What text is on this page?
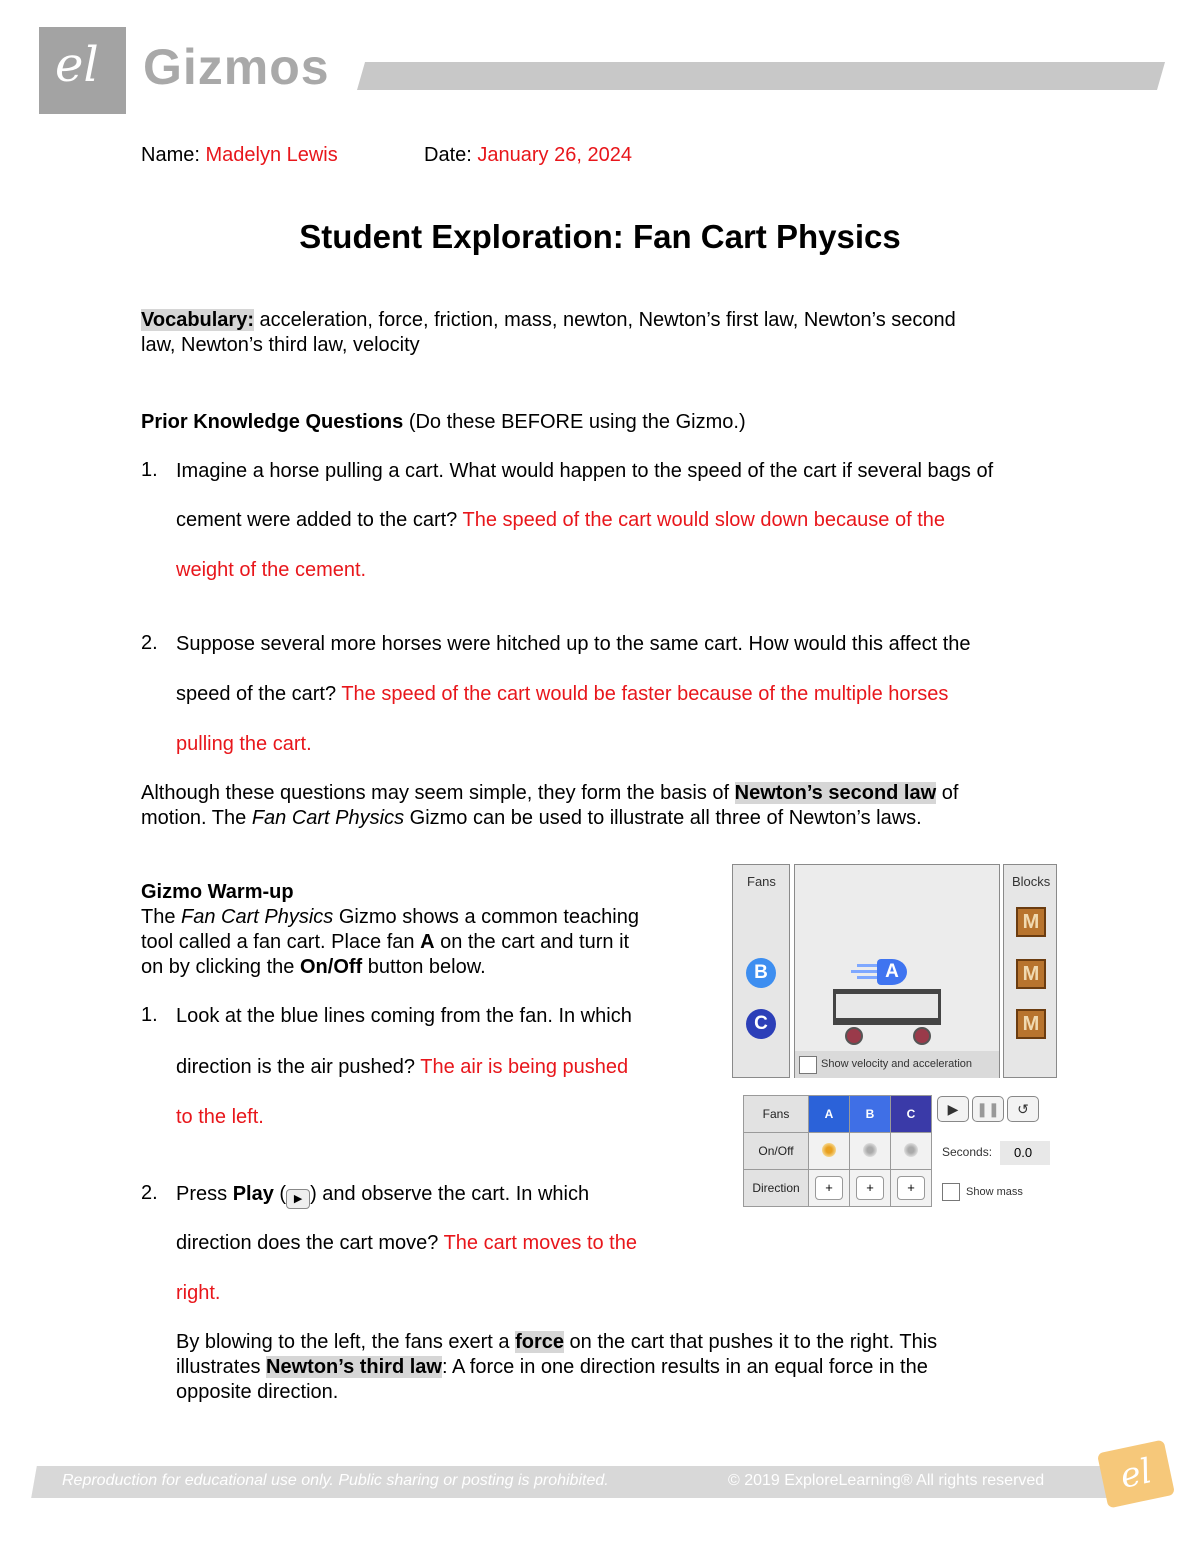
el Gizmos
Name: Madelyn Lewis	Date: January 26, 2024
Student Exploration: Fan Cart Physics
Vocabulary: acceleration, force, friction, mass, newton, Newton’s first law, Newton’s second
law, Newton’s third law, velocity
Prior Knowledge Questions (Do these BEFORE using the Gizmo.)
1. Imagine a horse pulling a cart. What would happen to the speed of the cart if several bags of
cement were added to the cart? The speed of the cart would slow down because of the
weight of the cement.
2. Suppose several more horses were hitched up to the same cart. How would this affect the
speed of the cart? The speed of the cart would be faster because of the multiple horses
pulling the cart.
Although these questions may seem simple, they form the basis of Newton’s second law of
motion. The Fan Cart Physics Gizmo can be used to illustrate all three of Newton’s laws.
Gizmo Warm-up
The Fan Cart Physics Gizmo shows a common teaching
tool called a fan cart. Place fan A on the cart and turn it
on by clicking the On/Off button below.
1. Look at the blue lines coming from the fan. In which
direction is the air pushed? The air is being pushed
to the left.
2. Press Play ( ▶ ) and observe the cart. In which
direction does the cart move? The cart moves to the
right.
By blowing to the left, the fans exert a force on the cart that pushes it to the right. This
illustrates Newton’s third law: A force in one direction results in an equal force in the
opposite direction.
Fans
B
C
A
Show velocity and acceleration
Blocks
M
M
M
Fans	A	B	C
On/Off			
Direction	+	+	+
▶	❚❚	↺
Seconds:	0.0
Show mass
Reproduction for educational use only. Public sharing or posting is prohibited.	© 2019 ExploreLearning® All rights reserved	el
